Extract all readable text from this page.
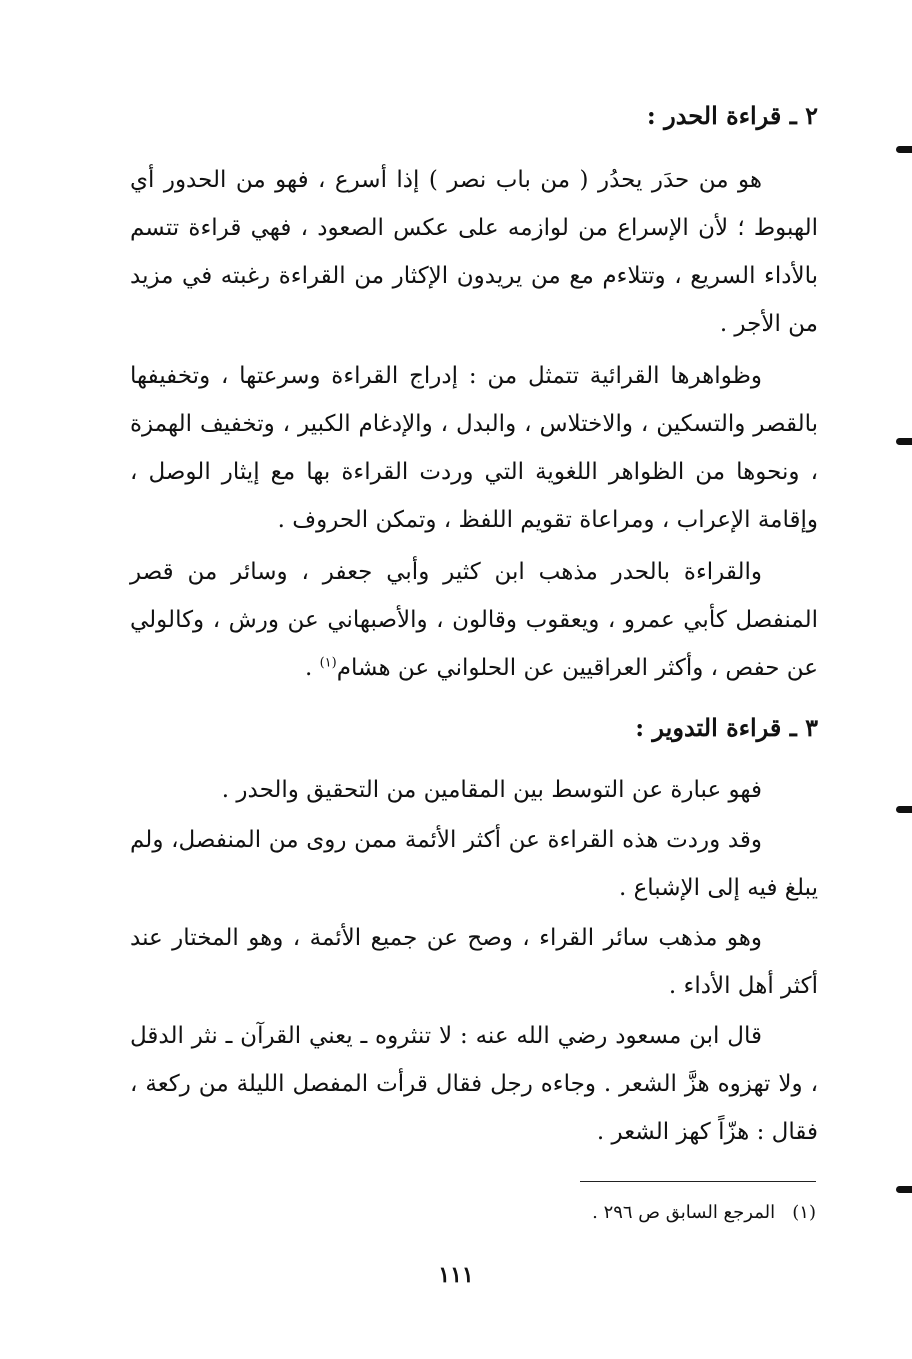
٢ ـ قراءة الحدر :

هو من حدَر يحدُر ( من باب نصر ) إذا أسرع ، فهو من الحدور أي الهبوط ؛ لأن الإسراع من لوازمه على عكس الصعود ، فهي قراءة تتسم بالأداء السريع ، وتتلاءم مع من يريدون الإكثار من القراءة رغبته في مزيد من الأجر .

وظواهرها القرائية تتمثل من : إدراج القراءة وسرعتها ، وتخفيفها بالقصر والتسكين ، والاختلاس ، والبدل ، والإدغام الكبير ، وتخفيف الهمزة ، ونحوها من الظواهر اللغوية التي وردت القراءة بها مع إيثار الوصل ، وإقامة الإعراب ، ومراعاة تقويم اللفظ ، وتمكن الحروف .

والقراءة بالحدر مذهب ابن كثير وأبي جعفر ، وسائر من قصر المنفصل كأبي عمرو ، ويعقوب وقالون ، والأصبهاني عن ورش ، وكالولي عن حفص ، وأكثر العراقيين عن الحلواني عن هشام$^{(١)}$ .

٣ ـ قراءة التدوير :

فهو عبارة عن التوسط بين المقامين من التحقيق والحدر .

وقد وردت هذه القراءة عن أكثر الأئمة ممن روى من المنفصل، ولم يبلغ فيه إلى الإشباع .

وهو مذهب سائر القراء ، وصح عن جميع الأئمة ، وهو المختار عند أكثر أهل الأداء .

قال ابن مسعود رضي الله عنه : لا تنثروه ـ يعني القرآن ـ نثر الدقل ، ولا تهزوه هزَّ الشعر . وجاءه رجل فقال قرأت المفصل الليلة من ركعة ، فقال : هزّاً كهز الشعر .

(١)   المرجع السابق ص ٢٩٦ .

١١١
